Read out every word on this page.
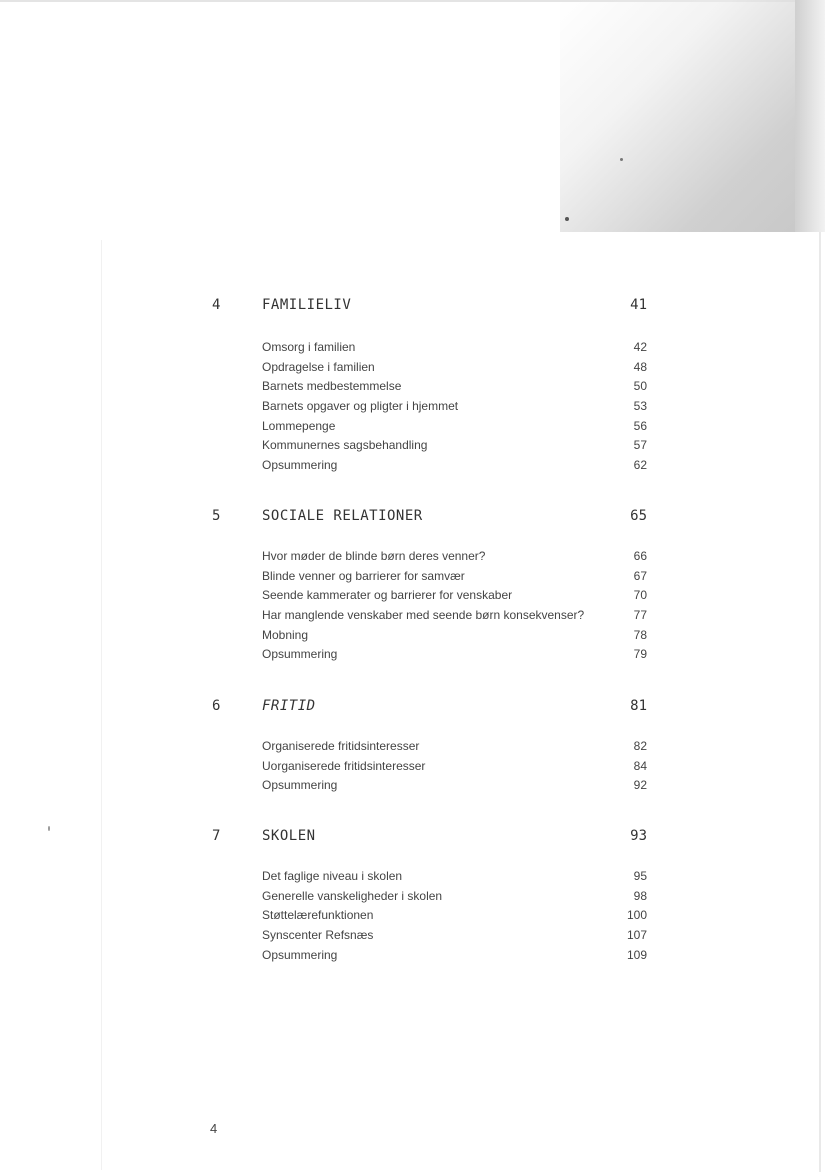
4	FAMILIELIV	41
Omsorg i familien	42
Opdragelse i familien	48
Barnets medbestemmelse	50
Barnets opgaver og pligter i hjemmet	53
Lommepenge	56
Kommunernes sagsbehandling	57
Opsummering	62
5	SOCIALE RELATIONER	65
Hvor møder de blinde børn deres venner?	66
Blinde venner og barrierer for samvær	67
Seende kammerater og barrierer for venskaber	70
Har manglende venskaber med seende børn konsekvenser?	77
Mobning	78
Opsummering	79
6	FRITID	81
Organiserede fritidsinteresser	82
Uorganiserede fritidsinteresser	84
Opsummering	92
7	SKOLEN	93
Det faglige niveau i skolen	95
Generelle vanskeligheder i skolen	98
Støttelærefunktionen	100
Synscenter Refsnæs	107
Opsummering	109
4
